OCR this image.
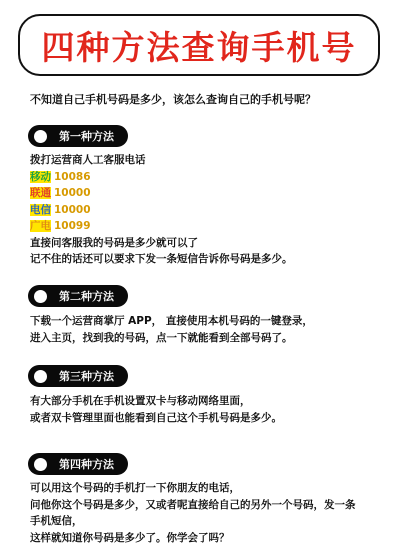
四种方法查询手机号
不知道自己手机号码是多少，该怎么查询自己的手机号呢？
第一种方法
拨打运营商人工客服电话
移动 10086
联通 10000
电信 10000
广电 10099
直接问客服我的号码是多少就可以了
记不住的话还可以要求下发一条短信告诉你号码是多少。
第二种方法
下载一个运营商掌厅 APP， 直接使用本机号码的一键登录，
进入主页，找到我的号码，点一下就能看到全部号码了。
第三种方法
有大部分手机在手机设置双卡与移动网络里面，
或者双卡管理里面也能看到自己这个手机号码是多少。
第四种方法
可以用这个号码的手机打一下你朋友的电话，
问他你这个号码是多少，又或者呢直接给自己的另外一个号码，发一条
手机短信，
这样就知道你号码是多少了。你学会了吗？
